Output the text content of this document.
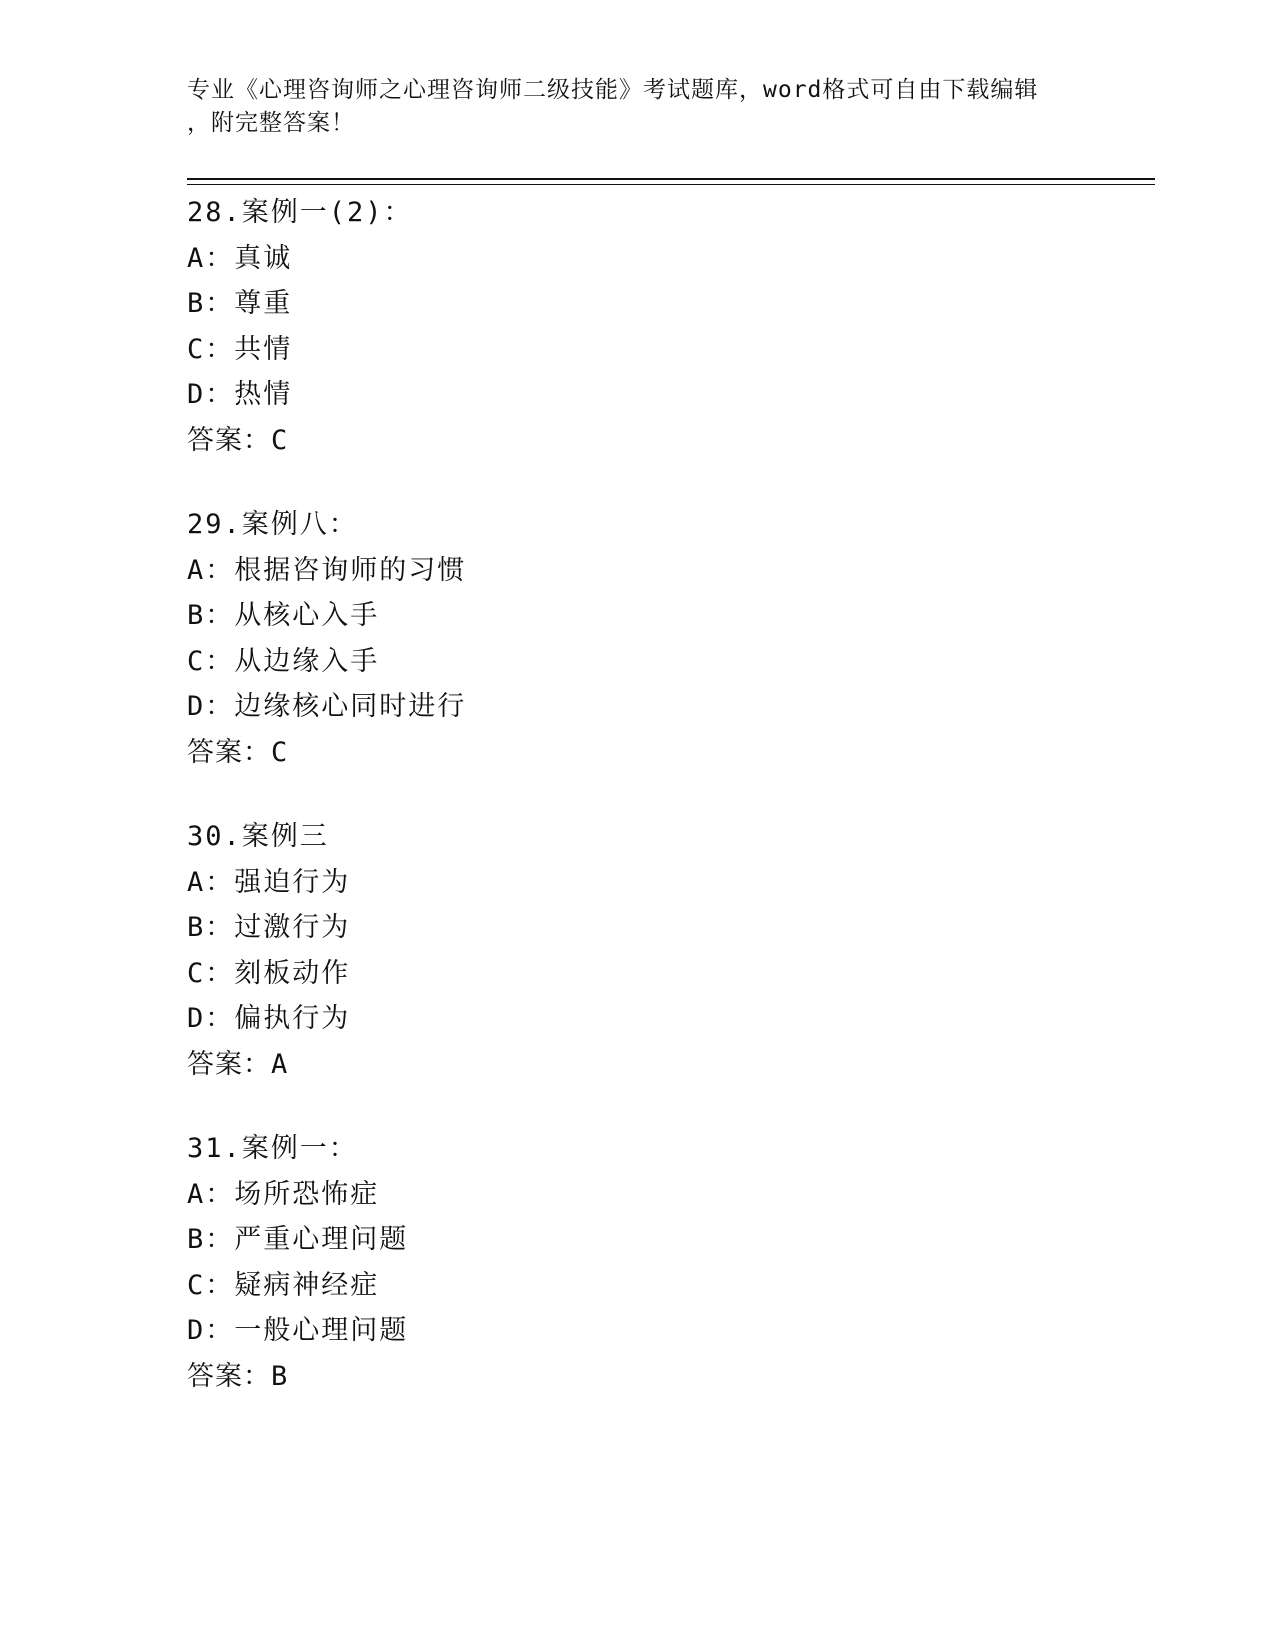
专业《心理咨询师之心理咨询师二级技能》考试题库，word格式可自由下载编辑
，附完整答案！
28.案例一(2)：
A：真诚
B：尊重
C：共情
D：热情
答案：C
29.案例八：
A：根据咨询师的习惯
B：从核心入手
C：从边缘入手
D：边缘核心同时进行
答案：C
30.案例三
A：强迫行为
B：过激行为
C：刻板动作
D：偏执行为
答案：A
31.案例一：
A：场所恐怖症
B：严重心理问题
C：疑病神经症
D：一般心理问题
答案：B
